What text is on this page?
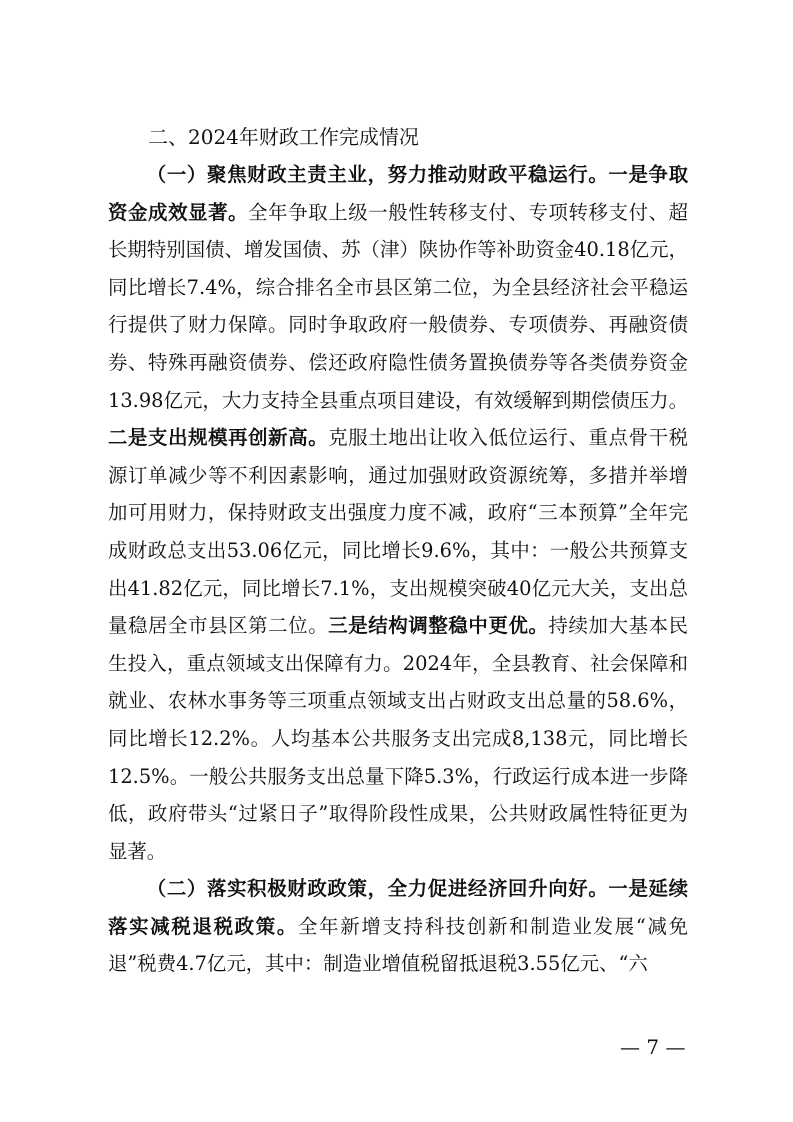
二、2024年财政工作完成情况

（一）聚焦财政主责主业，努力推动财政平稳运行。一是争取资金成效显著。全年争取上级一般性转移支付、专项转移支付、超长期特别国债、增发国债、苏（津）陕协作等补助资金40.18亿元，同比增长7.4%，综合排名全市县区第二位，为全县经济社会平稳运行提供了财力保障。同时争取政府一般债券、专项债券、再融资债券、特殊再融资债券、偿还政府隐性债务置换债券等各类债券资金13.98亿元，大力支持全县重点项目建设，有效缓解到期偿债压力。二是支出规模再创新高。克服土地出让收入低位运行、重点骨干税源订单减少等不利因素影响，通过加强财政资源统筹，多措并举增加可用财力，保持财政支出强度力度不减，政府“三本预算”全年完成财政总支出53.06亿元，同比增长9.6%，其中：一般公共预算支出41.82亿元，同比增长7.1%，支出规模突破40亿元大关，支出总量稳居全市县区第二位。三是结构调整稳中更优。持续加大基本民生投入，重点领域支出保障有力。2024年，全县教育、社会保障和就业、农林水事务等三项重点领域支出占财政支出总量的58.6%，同比增长12.2%。人均基本公共服务支出完成8,138元，同比增长12.5%。一般公共服务支出总量下降5.3%，行政运行成本进一步降低，政府带头“过紧日子”取得阶段性成果，公共财政属性特征更为显著。

（二）落实积极财政政策，全力促进经济回升向好。一是延续落实减税退税政策。全年新增支持科技创新和制造业发展“减免退”税费4.7亿元，其中：制造业增值税留抵退税3.55亿元、“六

— 7 —
